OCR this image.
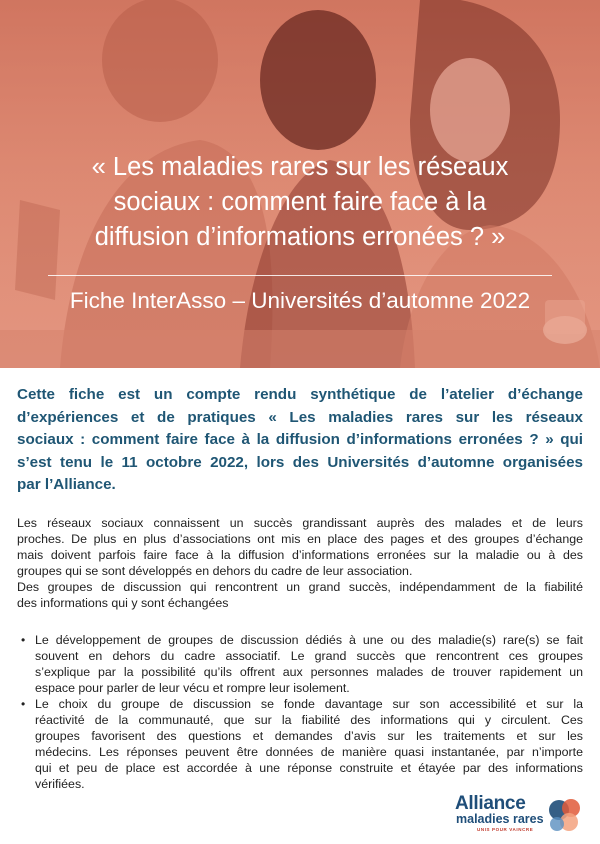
« Les maladies rares sur les réseaux
sociaux : comment faire face à la
diffusion d’informations erronées ? »

Fiche InterAsso – Universités d’automne 2022

Cette fiche est un compte rendu synthétique de l’atelier d’échange
d’expériences et de pratiques « Les maladies rares sur les réseaux
sociaux : comment faire face à la diffusion d’informations erronées ? » qui
s’est tenu le 11 octobre 2022, lors des Universités d’automne organisées
par l’Alliance.

Les réseaux sociaux connaissent un succès grandissant auprès des malades et de leurs
proches. De plus en plus d’associations ont mis en place des pages et des groupes d’échange
mais doivent parfois faire face à la diffusion d’informations erronées sur la maladie ou à des
groupes qui se sont développés en dehors du cadre de leur association.
Des groupes de discussion qui rencontrent un grand succès, indépendamment de la fiabilité
des informations qui y sont échangées

• Le développement de groupes de discussion dédiés à une ou des maladie(s) rare(s) se fait
souvent en dehors du cadre associatif. Le grand succès que rencontrent ces groupes
s’explique par la possibilité qu’ils offrent aux personnes malades de trouver rapidement un
espace pour parler de leur vécu et rompre leur isolement.
• Le choix du groupe de discussion se fonde davantage sur son accessibilité et sur la
réactivité de la communauté, que sur la fiabilité des informations qui y circulent. Ces
groupes favorisent des questions et demandes d’avis sur les traitements et sur les
médecins. Les réponses peuvent être données de manière quasi instantanée, par n’importe
qui et peu de place est accordée à une réponse construite et étayée par des informations
vérifiées.
Alliance
maladies rares
UNIS POUR VAINCRE
